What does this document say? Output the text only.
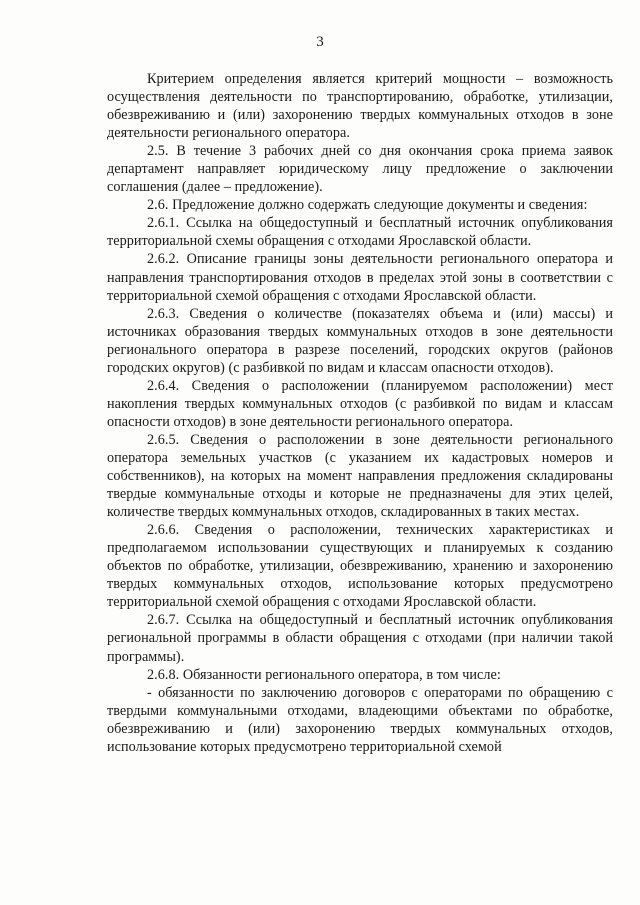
3

Критерием определения является критерий мощности – возможность осуществления деятельности по транспортированию, обработке, утилизации, обезвреживанию и (или) захоронению твердых коммунальных отходов в зоне деятельности регионального оператора.

2.5. В течение 3 рабочих дней со дня окончания срока приема заявок департамент направляет юридическому лицу предложение о заключении соглашения (далее – предложение).

2.6. Предложение должно содержать следующие документы и сведения:

2.6.1. Ссылка на общедоступный и бесплатный источник опубликования территориальной схемы обращения с отходами Ярославской области.

2.6.2. Описание границы зоны деятельности регионального оператора и направления транспортирования отходов в пределах этой зоны в соответствии с территориальной схемой обращения с отходами Ярославской области.

2.6.3. Сведения о количестве (показателях объема и (или) массы) и источниках образования твердых коммунальных отходов в зоне деятельности регионального оператора в разрезе поселений, городских округов (районов городских округов) (с разбивкой по видам и классам опасности отходов).

2.6.4. Сведения о расположении (планируемом расположении) мест накопления твердых коммунальных отходов (с разбивкой по видам и классам опасности отходов) в зоне деятельности регионального оператора.

2.6.5. Сведения о расположении в зоне деятельности регионального оператора земельных участков (с указанием их кадастровых номеров и собственников), на которых на момент направления предложения складированы твердые коммунальные отходы и которые не предназначены для этих целей, количестве твердых коммунальных отходов, складированных в таких местах.

2.6.6. Сведения о расположении, технических характеристиках и предполагаемом использовании существующих и планируемых к созданию объектов по обработке, утилизации, обезвреживанию, хранению и захоронению твердых коммунальных отходов, использование которых предусмотрено территориальной схемой обращения с отходами Ярославской области.

2.6.7. Ссылка на общедоступный и бесплатный источник опубликования региональной программы в области обращения с отходами (при наличии такой программы).

2.6.8. Обязанности регионального оператора, в том числе:

- обязанности по заключению договоров с операторами по обращению с твердыми коммунальными отходами, владеющими объектами по обработке, обезвреживанию и (или) захоронению твердых коммунальных отходов, использование которых предусмотрено территориальной схемой
